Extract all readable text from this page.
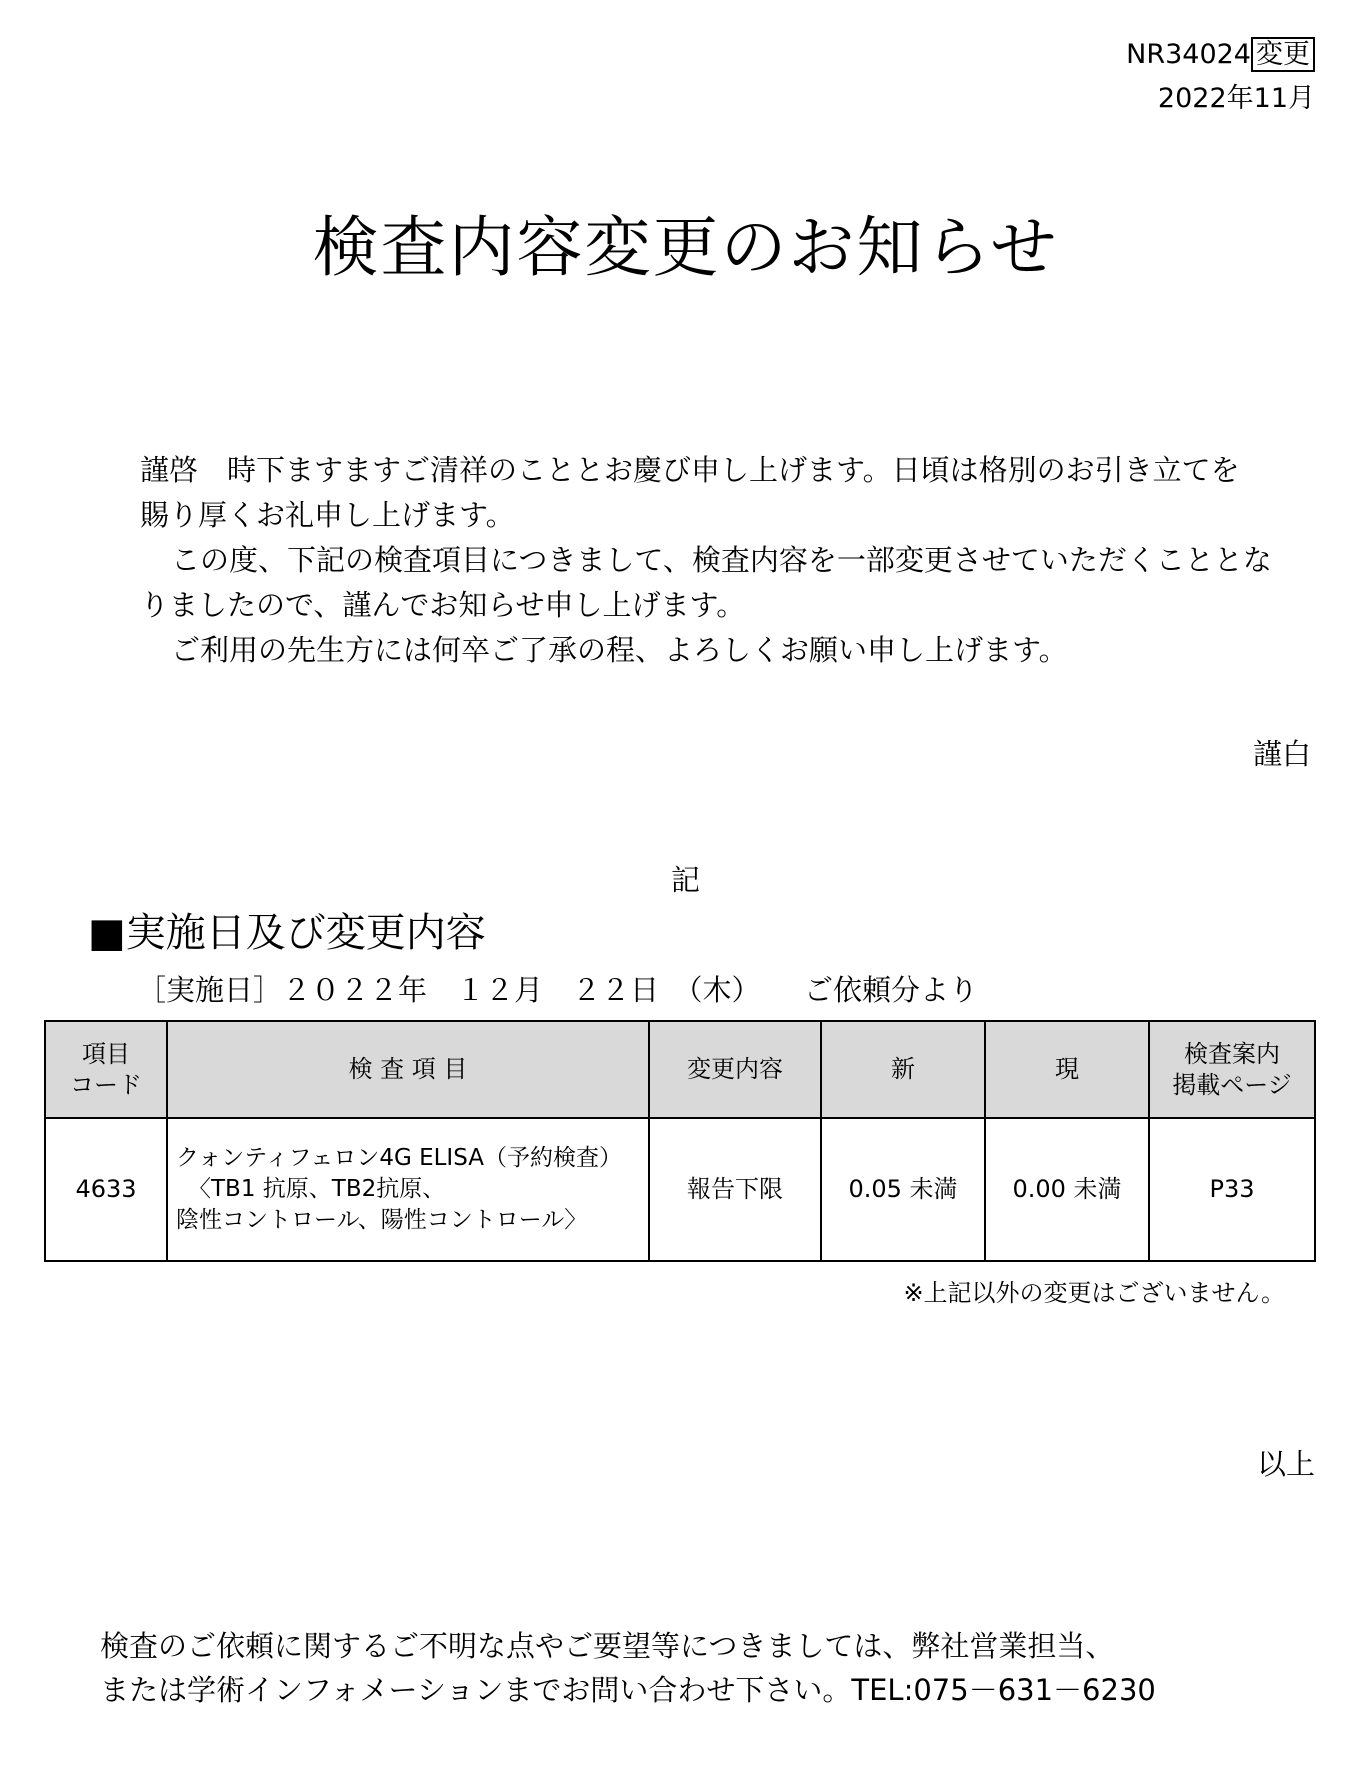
NR34024 変更
2022年11月
検査内容変更のお知らせ

謹啓　時下ますますご清祥のこととお慶び申し上げます。日頃は格別のお引き立てを

賜り厚くお礼申し上げます。

この度、下記の検査項目につきまして、検査内容を一部変更させていただくこととな

りましたので、謹んでお知らせ申し上げます。

ご利用の先生方には何卒ご了承の程、よろしくお願い申し上げます。

謹白
記
■実施日及び変更内容
［実施日］２０２２年　１２月　２２日　（木）　　ご依頼分より
項目
コード	検 査 項 目	変更内容	新	現	検査案内
掲載ページ
4633	クォンティフェロン4G ELISA（予約検査）
〈TB1 抗原、TB2抗原、
陰性コントロール、陽性コントロール〉	報告下限	0.05 未満	0.00 未満	P33
※上記以外の変更はございません。
以上

検査のご依頼に関するご不明な点やご要望等につきましては、弊社営業担当、

または学術インフォメーションまでお問い合わせ下さい。TEL:075－631－6230
